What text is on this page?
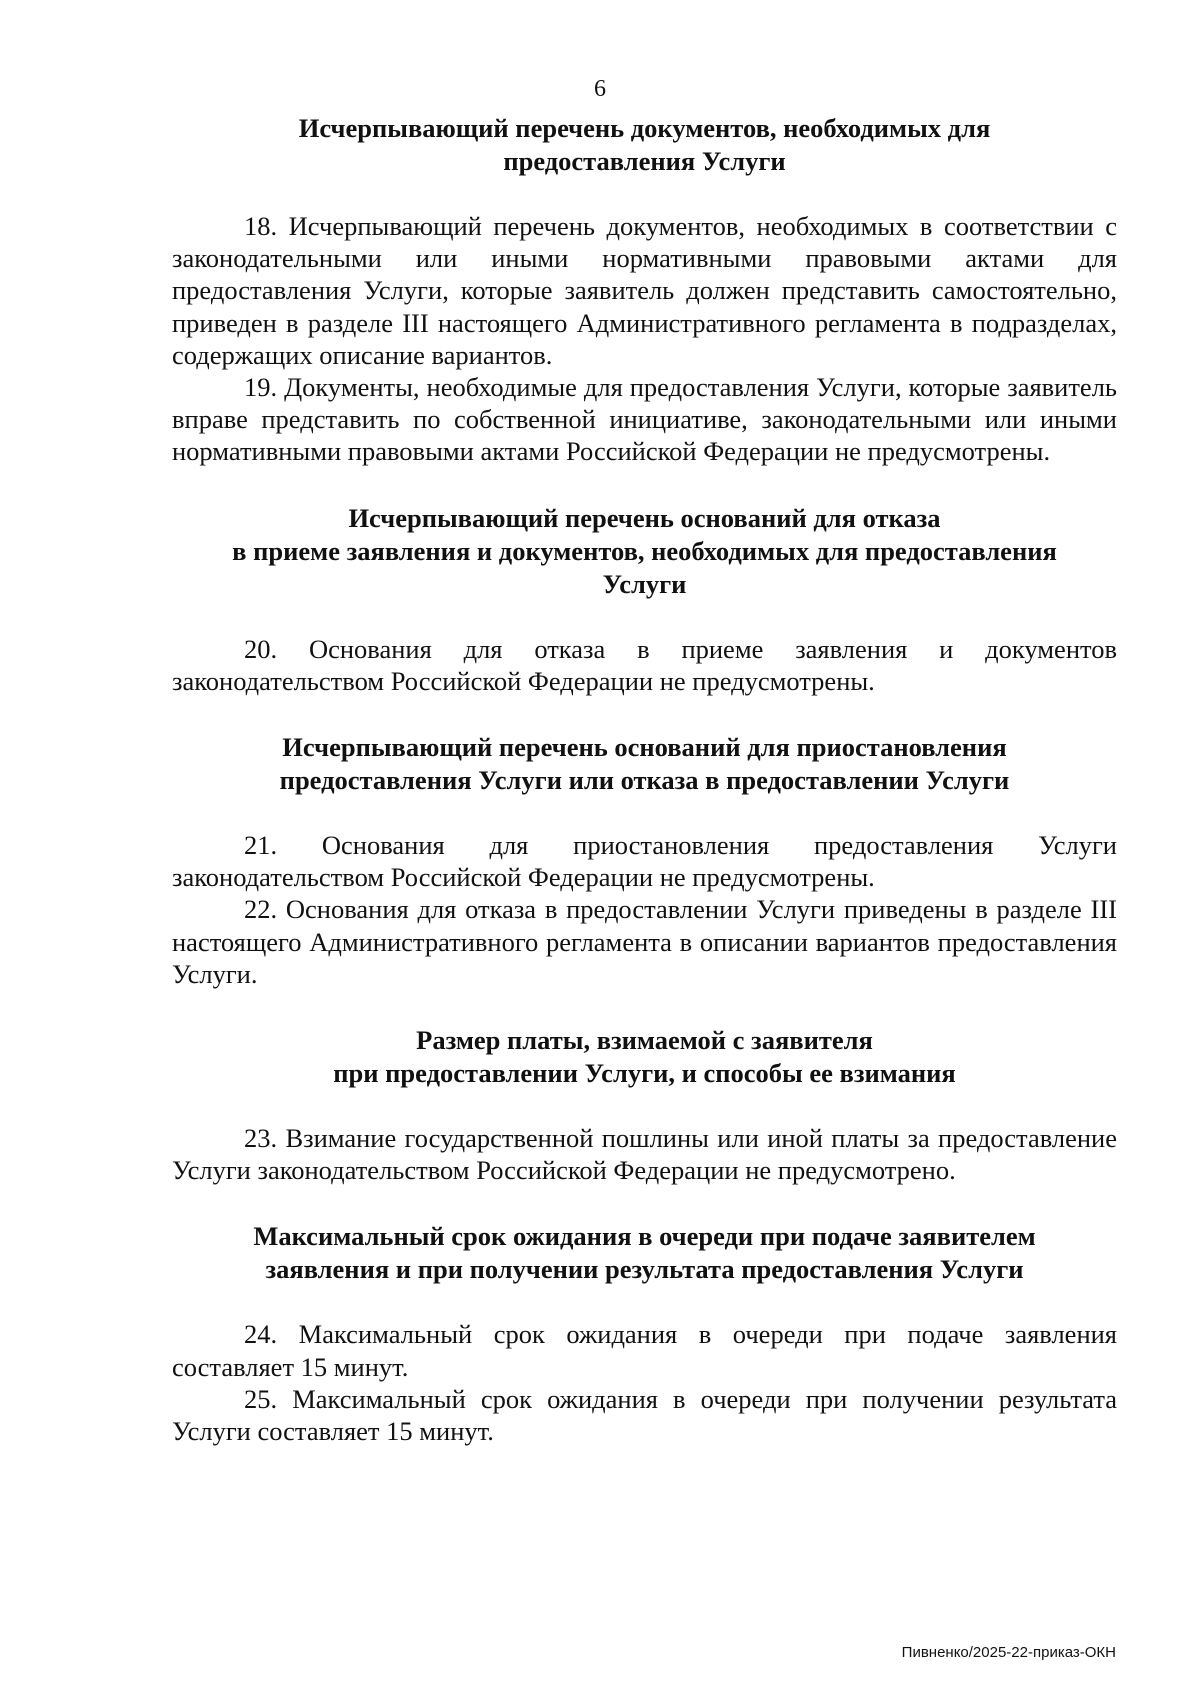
6
Исчерпывающий перечень документов, необходимых для
предоставления Услуги

18. Исчерпывающий перечень документов, необходимых в соответствии с законодательными или иными нормативными правовыми актами для предоставления Услуги, которые заявитель должен представить самостоятельно, приведен в разделе III настоящего Административного регламента в подразделах, содержащих описание вариантов.

19. Документы, необходимые для предоставления Услуги, которые заявитель вправе представить по собственной инициативе, законодательными или иными нормативными правовыми актами Российской Федерации не предусмотрены.

Исчерпывающий перечень оснований для отказа
в приеме заявления и документов, необходимых для предоставления
Услуги

20. Основания для отказа в приеме заявления и документов законодательством Российской Федерации не предусмотрены.

Исчерпывающий перечень оснований для приостановления
предоставления Услуги или отказа в предоставлении Услуги

21. Основания для приостановления предоставления Услуги законодательством Российской Федерации не предусмотрены.

22. Основания для отказа в предоставлении Услуги приведены в разделе III настоящего Административного регламента в описании вариантов предоставления Услуги.

Размер платы, взимаемой с заявителя
при предоставлении Услуги, и способы ее взимания

23. Взимание государственной пошлины или иной платы за предоставление Услуги законодательством Российской Федерации не предусмотрено.

Максимальный срок ожидания в очереди при подаче заявителем
заявления и при получении результата предоставления Услуги

24. Максимальный срок ожидания в очереди при подаче заявления составляет 15 минут.

25. Максимальный срок ожидания в очереди при получении результата Услуги составляет 15 минут.

Пивненко/2025-22-приказ-ОКН
